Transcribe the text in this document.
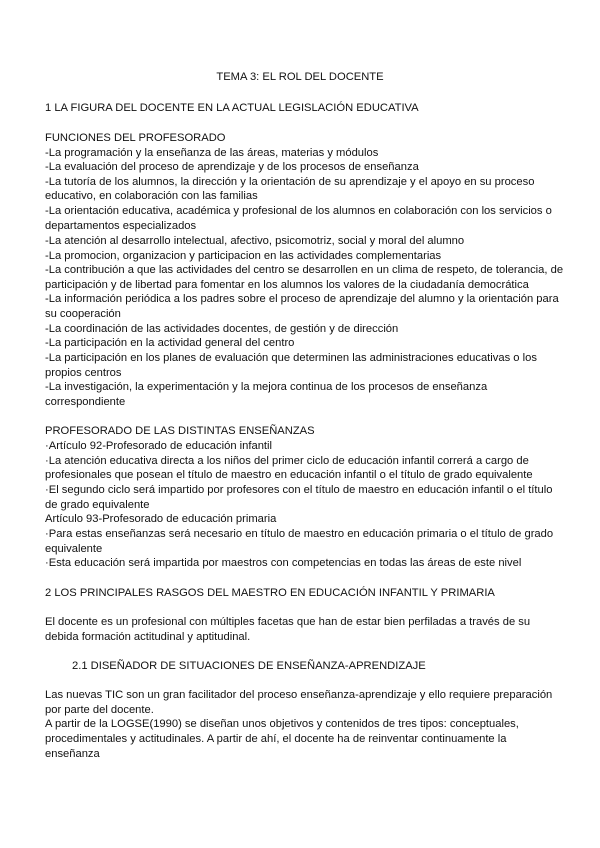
TEMA 3: EL ROL DEL DOCENTE
1 LA FIGURA DEL DOCENTE EN LA ACTUAL LEGISLACIÓN EDUCATIVA
FUNCIONES DEL PROFESORADO
-La programación y la enseñanza de las áreas, materias y módulos
-La evaluación del proceso de aprendizaje y de los procesos de enseñanza
-La tutoría de los alumnos, la dirección y la orientación de su aprendizaje y el apoyo en su proceso
educativo, en colaboración con las familias
-La orientación educativa, académica y profesional de los alumnos en colaboración con los servicios o
departamentos especializados
-La atención al desarrollo intelectual, afectivo, psicomotriz, social y moral del alumno
-La promocion, organizacion y participacion en las actividades complementarias
-La contribución a que las actividades del centro se desarrollen en un clima de respeto, de tolerancia, de
participación y de libertad para fomentar en los alumnos los valores de la ciudadanía democrática
-La información periódica a los padres sobre el proceso de aprendizaje del alumno y la orientación para
su cooperación
-La coordinación de las actividades docentes, de gestión y de dirección
-La participación en la actividad general del centro
-La participación en los planes de evaluación que determinen las administraciones educativas o los
propios centros
-La investigación, la experimentación y la mejora continua de los procesos de enseñanza
correspondiente
PROFESORADO DE LAS DISTINTAS ENSEÑANZAS
·Artículo 92-Profesorado de educación infantil
·La atención educativa directa a los niños del primer ciclo de educación infantil correrá a cargo de
profesionales que posean el título de maestro en educación infantil o el título de grado equivalente
·El segundo ciclo será impartido por profesores con el título de maestro en educación infantil o el título
de grado equivalente
Artículo 93-Profesorado de educación primaria
·Para estas enseñanzas será necesario en título de maestro en educación primaria o el título de grado
equivalente
·Esta educación será impartida por maestros con competencias en todas las áreas de este nivel
2 LOS PRINCIPALES RASGOS DEL MAESTRO EN EDUCACIÓN INFANTIL Y PRIMARIA
El docente es un profesional con múltiples facetas que han de estar bien perfiladas a través de su
debida formación actitudinal y aptitudinal.
2.1 DISEÑADOR DE SITUACIONES DE ENSEÑANZA-APRENDIZAJE
Las nuevas TIC son un gran facilitador del proceso enseñanza-aprendizaje y ello requiere preparación
por parte del docente.
A partir de la LOGSE(1990) se diseñan unos objetivos y contenidos de tres tipos: conceptuales,
procedimentales y actitudinales. A partir de ahí, el docente ha de reinventar continuamente la
enseñanza
